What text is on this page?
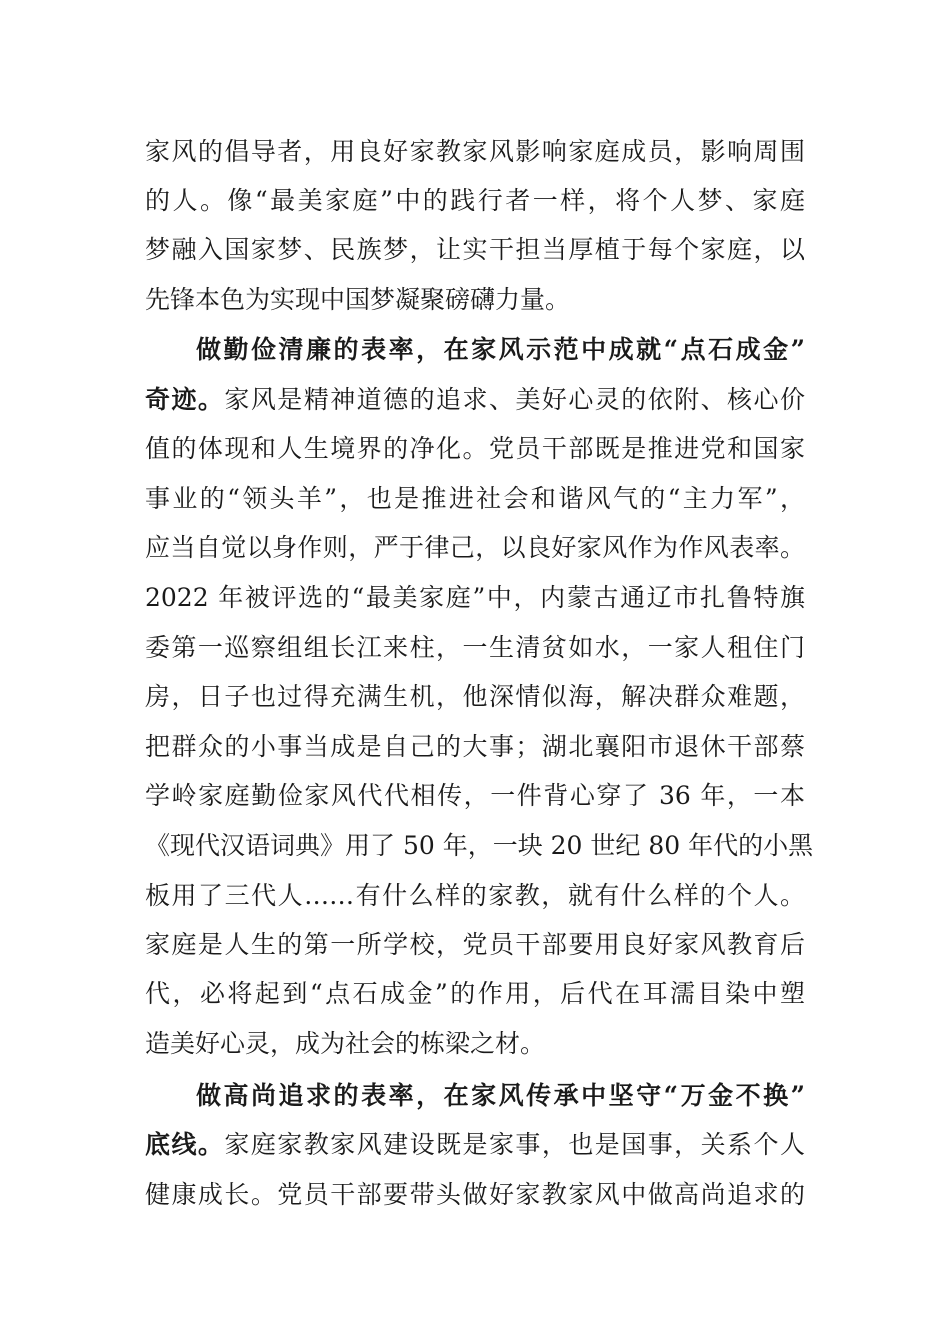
家风的倡导者，用良好家教家风影响家庭成员，影响周围
的人。像“最美家庭”中的践行者一样，将个人梦、家庭
梦融入国家梦、民族梦，让实干担当厚植于每个家庭，以
先锋本色为实现中国梦凝聚磅礴力量。
做勤俭清廉的表率，在家风示范中成就“点石成金”
奇迹。家风是精神道德的追求、美好心灵的依附、核心价
值的体现和人生境界的净化。党员干部既是推进党和国家
事业的“领头羊”，也是推进社会和谐风气的“主力军”，
应当自觉以身作则，严于律己，以良好家风作为作风表率。
2022 年被评选的“最美家庭”中，内蒙古通辽市扎鲁特旗
委第一巡察组组长江来柱，一生清贫如水，一家人租住门
房，日子也过得充满生机，他深情似海，解决群众难题，
把群众的小事当成是自己的大事；湖北襄阳市退休干部蔡
学岭家庭勤俭家风代代相传，一件背心穿了 36 年，一本
《现代汉语词典》用了 50 年，一块 20 世纪 80 年代的小黑
板用了三代人……有什么样的家教，就有什么样的个人。
家庭是人生的第一所学校，党员干部要用良好家风教育后
代，必将起到“点石成金”的作用，后代在耳濡目染中塑
造美好心灵，成为社会的栋梁之材。
做高尚追求的表率，在家风传承中坚守“万金不换”
底线。家庭家教家风建设既是家事，也是国事，关系个人
健康成长。党员干部要带头做好家教家风中做高尚追求的
